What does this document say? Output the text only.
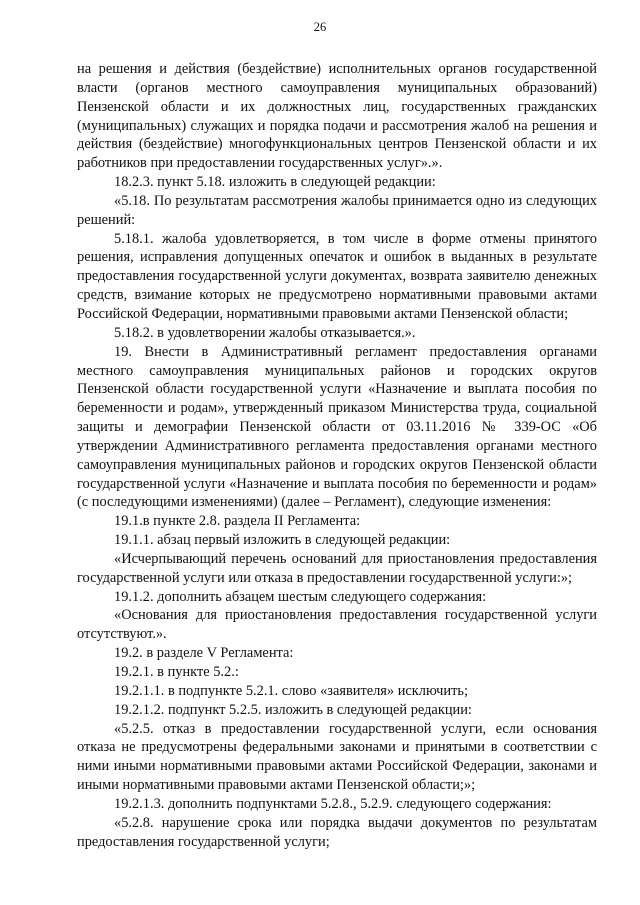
26

на решения и действия (бездействие) исполнительных органов государственной власти (органов местного самоуправления муниципальных образований) Пензенской области и их должностных лиц, государственных гражданских (муниципальных) служащих и порядка подачи и рассмотрения жалоб на решения и действия (бездействие) многофункциональных центров Пензенской области и их работников при предоставлении государственных услуг».».

18.2.3. пункт 5.18. изложить в следующей редакции:

«5.18. По результатам рассмотрения жалобы принимается одно из следующих решений:

5.18.1. жалоба удовлетворяется, в том числе в форме отмены принятого решения, исправления допущенных опечаток и ошибок в выданных в результате предоставления государственной услуги документах, возврата заявителю денежных средств, взимание которых не предусмотрено нормативными правовыми актами Российской Федерации, нормативными правовыми актами Пензенской области;

5.18.2. в удовлетворении жалобы отказывается.».

19. Внести в Административный регламент предоставления органами местного самоуправления муниципальных районов и городских округов Пензенской области государственной услуги «Назначение и выплата пособия по беременности и родам», утвержденный приказом Министерства труда, социальной защиты и демографии Пензенской области от 03.11.2016 № 339-ОС «Об утверждении Административного регламента предоставления органами местного самоуправления муниципальных районов и городских округов Пензенской области государственной услуги «Назначение и выплата пособия по беременности и родам» (с последующими изменениями) (далее – Регламент), следующие изменения:

19.1.в пункте 2.8. раздела II Регламента:

19.1.1. абзац первый изложить в следующей редакции:

«Исчерпывающий перечень оснований для приостановления предоставления государственной услуги или отказа в предоставлении государственной услуги:»;

19.1.2. дополнить абзацем шестым следующего содержания:

«Основания для приостановления предоставления государственной услуги отсутствуют.».

19.2. в разделе V Регламента:

19.2.1. в пункте 5.2.:

19.2.1.1. в подпункте 5.2.1. слово «заявителя» исключить;

19.2.1.2. подпункт 5.2.5. изложить в следующей редакции:

«5.2.5. отказ в предоставлении государственной услуги, если основания отказа не предусмотрены федеральными законами и принятыми в соответствии с ними иными нормативными правовыми актами Российской Федерации, законами и иными нормативными правовыми актами Пензенской области;»;

19.2.1.3. дополнить подпунктами 5.2.8., 5.2.9. следующего содержания:

«5.2.8. нарушение срока или порядка выдачи документов по результатам предоставления государственной услуги;
